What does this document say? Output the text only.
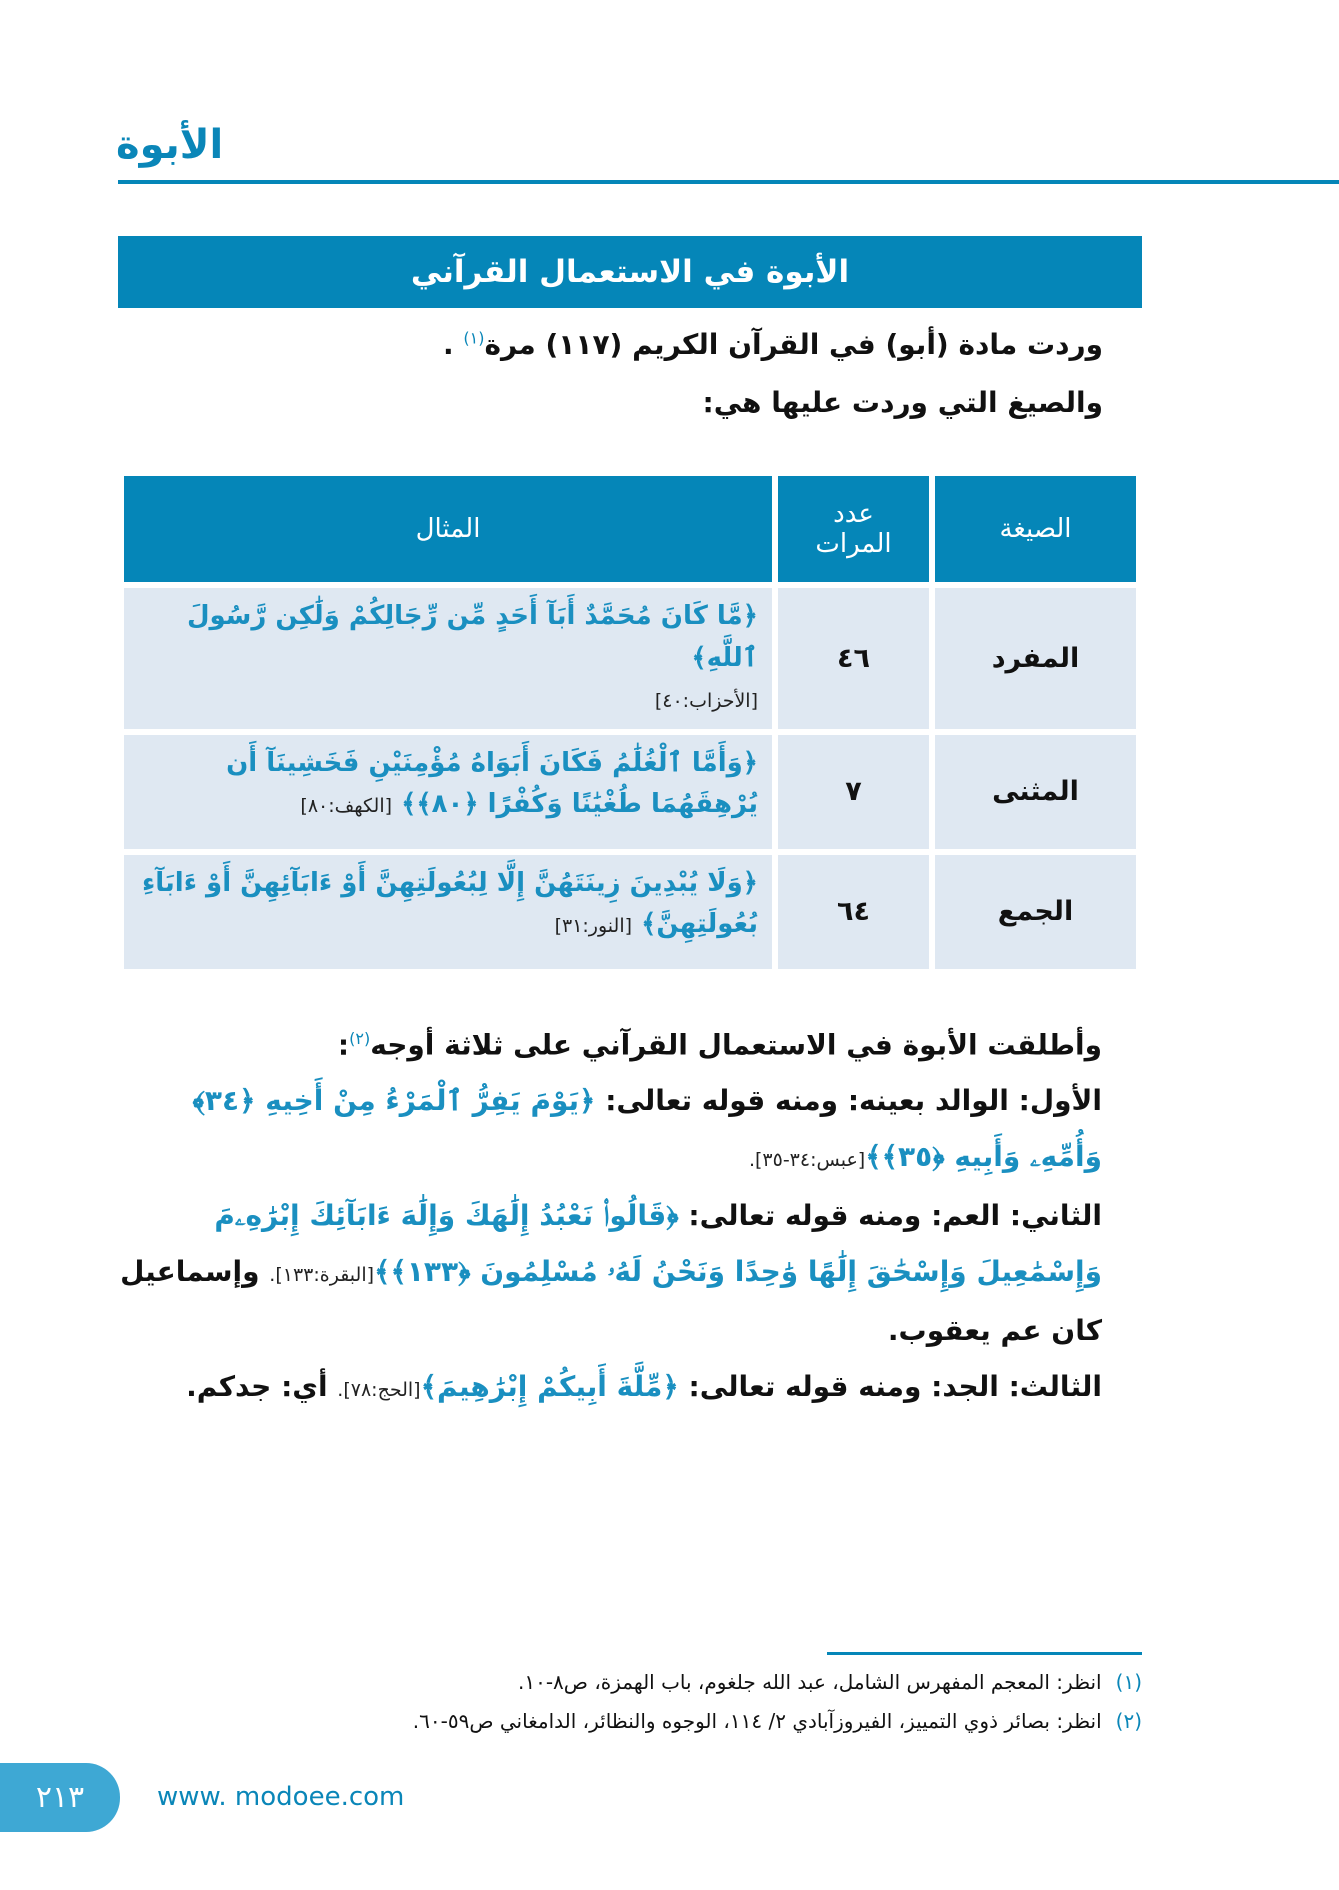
الأبوة
الأبوة في الاستعمال القرآني
وردت مادة (أبو) في القرآن الكريم (١١٧) مرة$^{(١)}$ .
والصيغ التي وردت عليها هي:
الصيغة	عدد المرات	المثال
المفرد	٤٦	﴿مَّا كَانَ مُحَمَّدٌ أَبَآ أَحَدٍ مِّن رِّجَالِكُمْ وَلَٰكِن رَّسُولَ ٱللَّهِ﴾
[الأحزاب:٤٠]
المثنى	٧	﴿وَأَمَّا ٱلْغُلَٰمُ فَكَانَ أَبَوَاهُ مُؤْمِنَيْنِ فَخَشِينَآ أَن يُرْهِقَهُمَا طُغْيَٰنًا وَكُفْرًا ﴿٨٠﴾﴾ [الكهف:٨٠]
الجمع	٦٤	﴿وَلَا يُبْدِينَ زِينَتَهُنَّ إِلَّا لِبُعُولَتِهِنَّ أَوْ ءَابَآئِهِنَّ أَوْ ءَابَآءِ بُعُولَتِهِنَّ﴾ [النور:٣١]
وأطلقت الأبوة في الاستعمال القرآني على ثلاثة أوجه$^{(٢)}$:
الأول: الوالد بعينه: ومنه قوله تعالى: ﴿يَوْمَ يَفِرُّ ٱلْمَرْءُ مِنْ أَخِيهِ ﴿٣٤﴾ وَأُمِّهِۦ وَأَبِيهِ ﴿٣٥﴾﴾[عبس:٣٤-٣٥].
الثاني: العم: ومنه قوله تعالى: ﴿قَالُوا۟ نَعْبُدُ إِلَٰهَكَ وَإِلَٰهَ ءَابَآئِكَ إِبْرَٰهِۦمَ وَإِسْمَٰعِيلَ وَإِسْحَٰقَ إِلَٰهًا وَٰحِدًا وَنَحْنُ لَهُۥ مُسْلِمُونَ ﴿١٣٣﴾﴾[البقرة:١٣٣]. وإسماعيل كان عم يعقوب.
الثالث: الجد: ومنه قوله تعالى: ﴿مِّلَّةَ أَبِيكُمْ إِبْرَٰهِيمَ﴾[الحج:٧٨]. أي: جدكم.
(١)انظر: المعجم المفهرس الشامل، عبد الله جلغوم، باب الهمزة، ص٨-١٠.
(٢)انظر: بصائر ذوي التمييز، الفيروزآبادي ٢/ ١١٤، الوجوه والنظائر، الدامغاني ص٥٩-٦٠.
٢١٣	www. modoee.com
